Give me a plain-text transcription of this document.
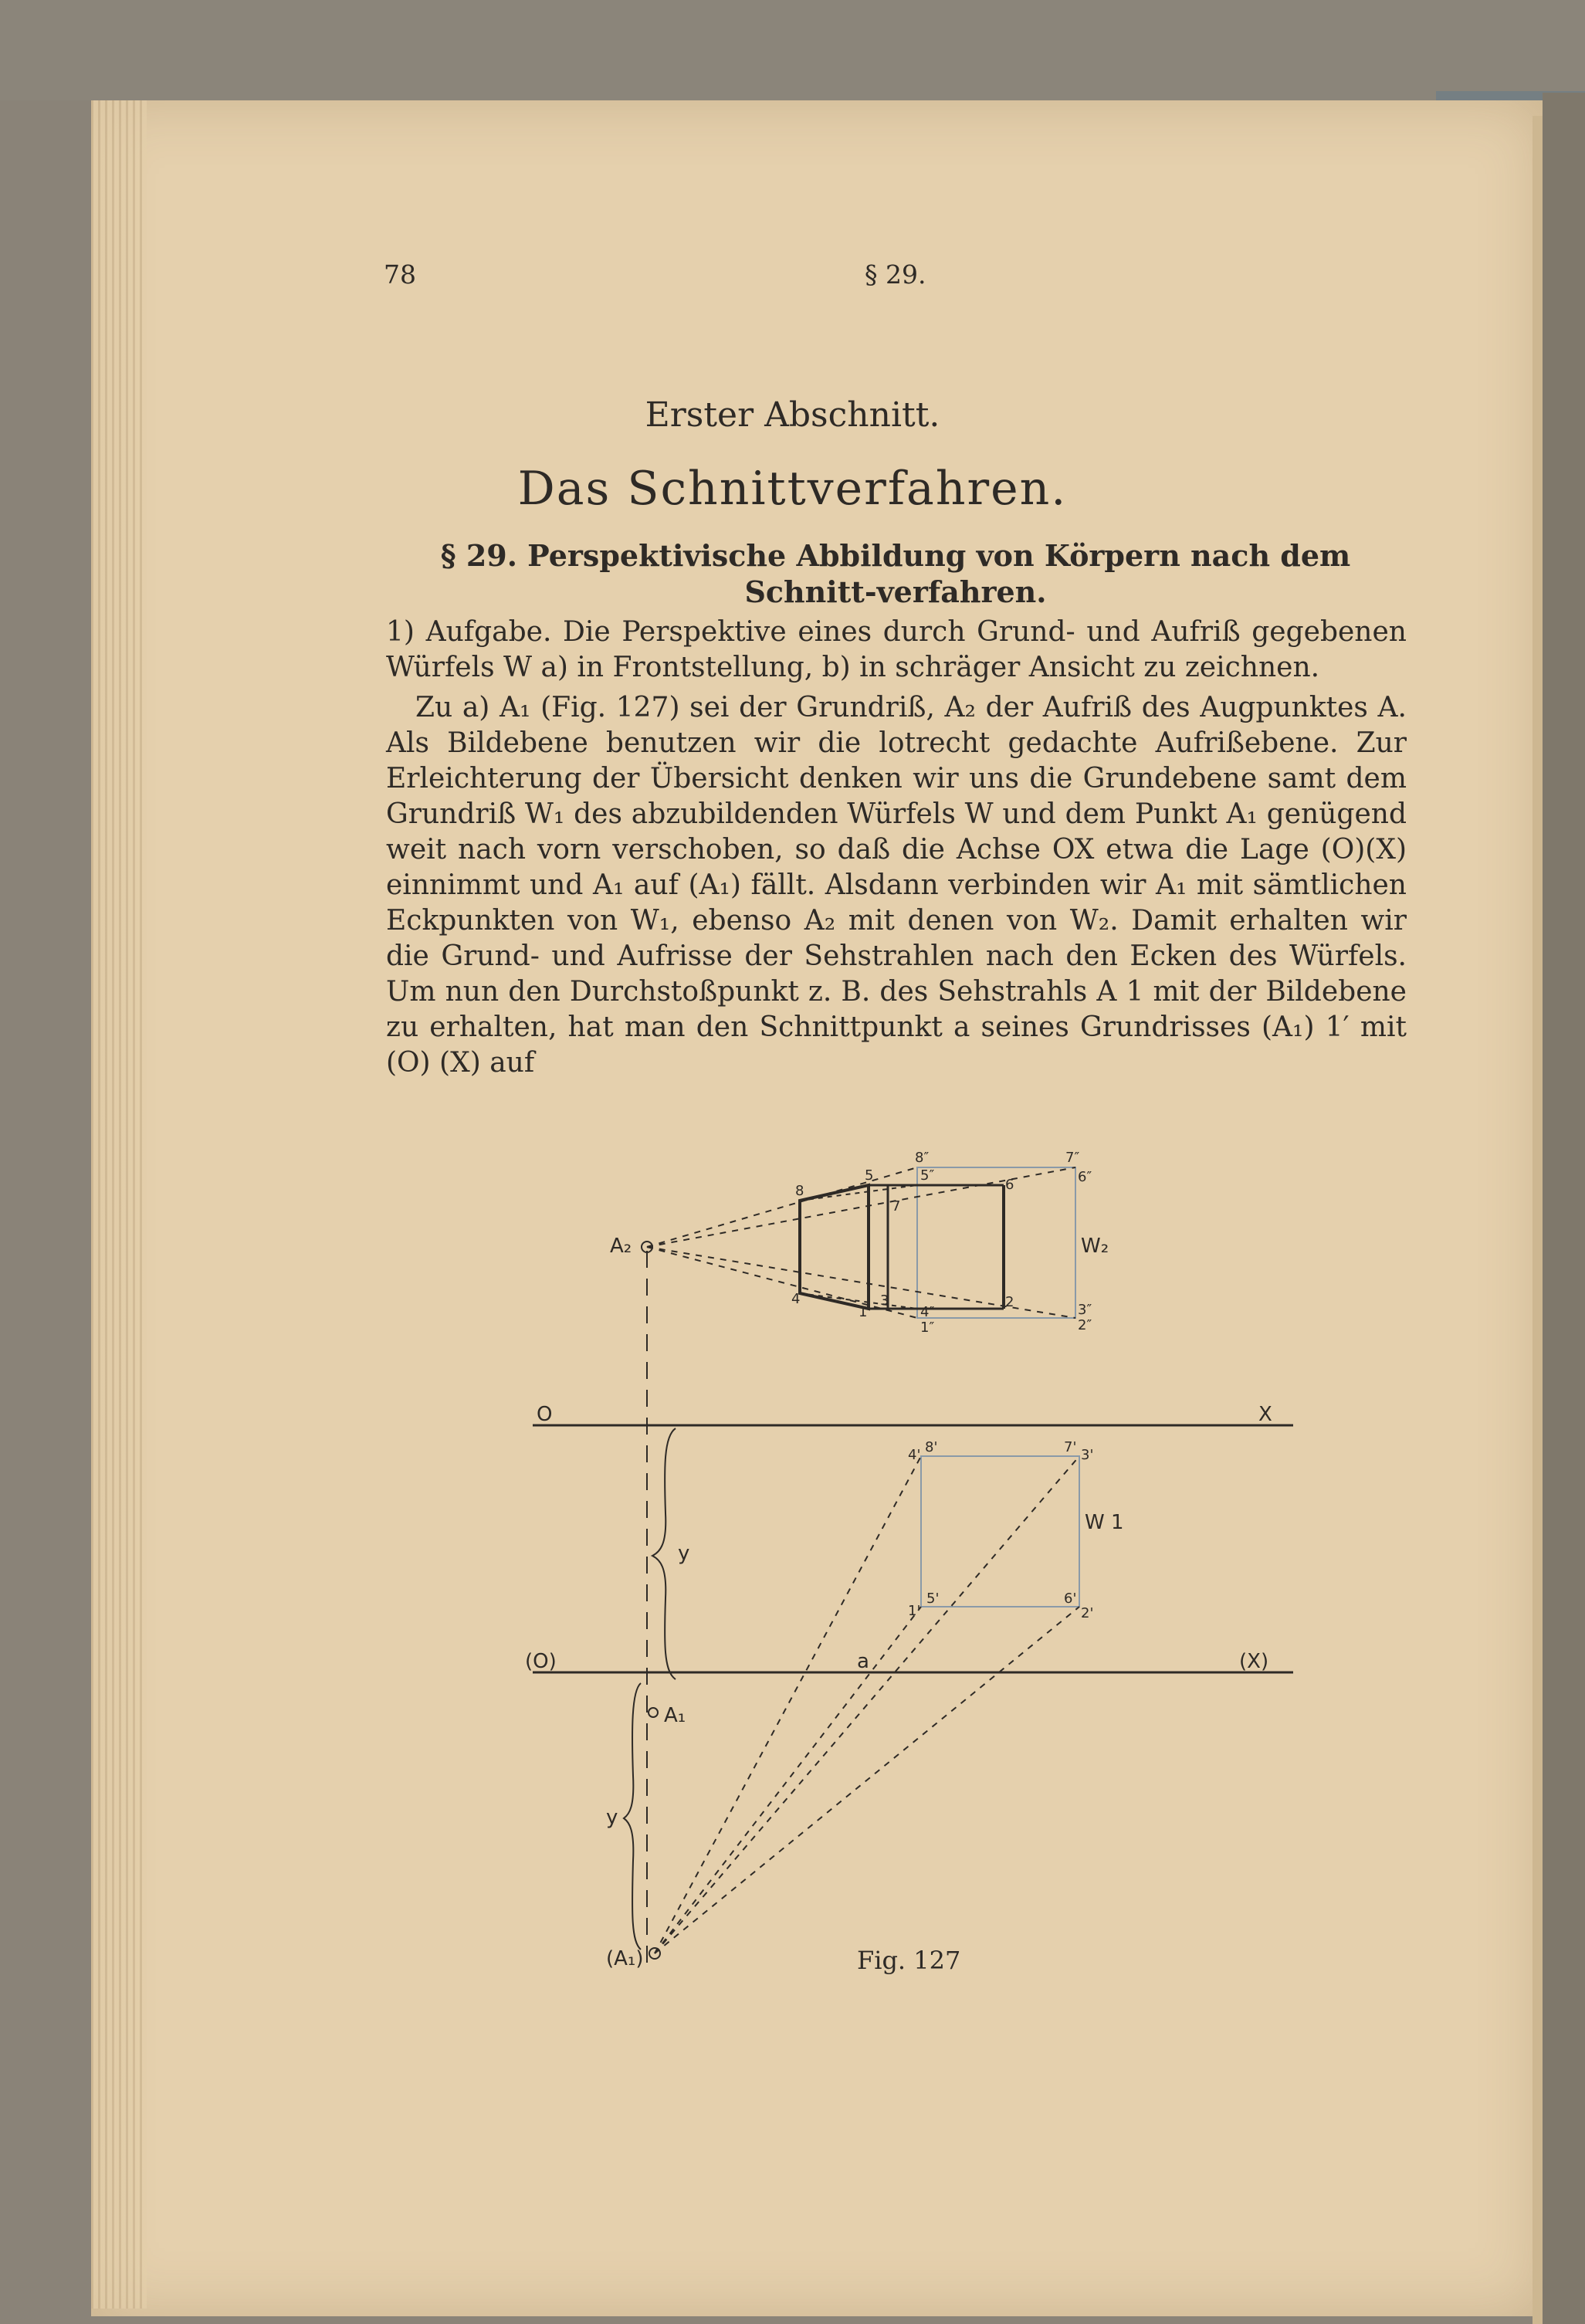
78	§ 29.
Erster Abschnitt.
Das Schnittverfahren.
§ 29. Perspektivische Abbildung von Körpern nach dem Schnitt-verfahren.

1) Aufgabe. Die Perspektive eines durch Grund- und Aufriß gegebenen Würfels W a) in Frontstellung, b) in schräger Ansicht zu zeichnen.

Zu a) A₁ (Fig. 127) sei der Grundriß, A₂ der Aufriß des Augpunktes A. Als Bildebene benutzen wir die lotrecht gedachte Aufrißebene. Zur Erleichterung der Übersicht denken wir uns die Grundebene samt dem Grundriß W₁ des abzubildenden Würfels W und dem Punkt A₁ genügend weit nach vorn verschoben, so daß die Achse OX etwa die Lage (O)(X) einnimmt und A₁ auf (A₁) fällt. Alsdann verbinden wir A₁ mit sämtlichen Eckpunkten von W₁, ebenso A₂ mit denen von W₂. Damit erhalten wir die Grund- und Aufrisse der Sehstrahlen nach den Ecken des Würfels. Um nun den Durchstoßpunkt z. B. des Sehstrahls A 1 mit der Bildebene zu erhalten, hat man den Schnittpunkt a seines Grundrisses (A₁) 1′ mit (O) (X) auf

A₂	W₂
W 1
A₁
(A₁)
O	X
(O)	(X)
y
y
a
8
5
6
7
4	3	2
1
8″	7″
5″	6″
4″	3″
2″
1″
8'	7' 3'
4'
5'	6'
2'
1'
Fig. 127
